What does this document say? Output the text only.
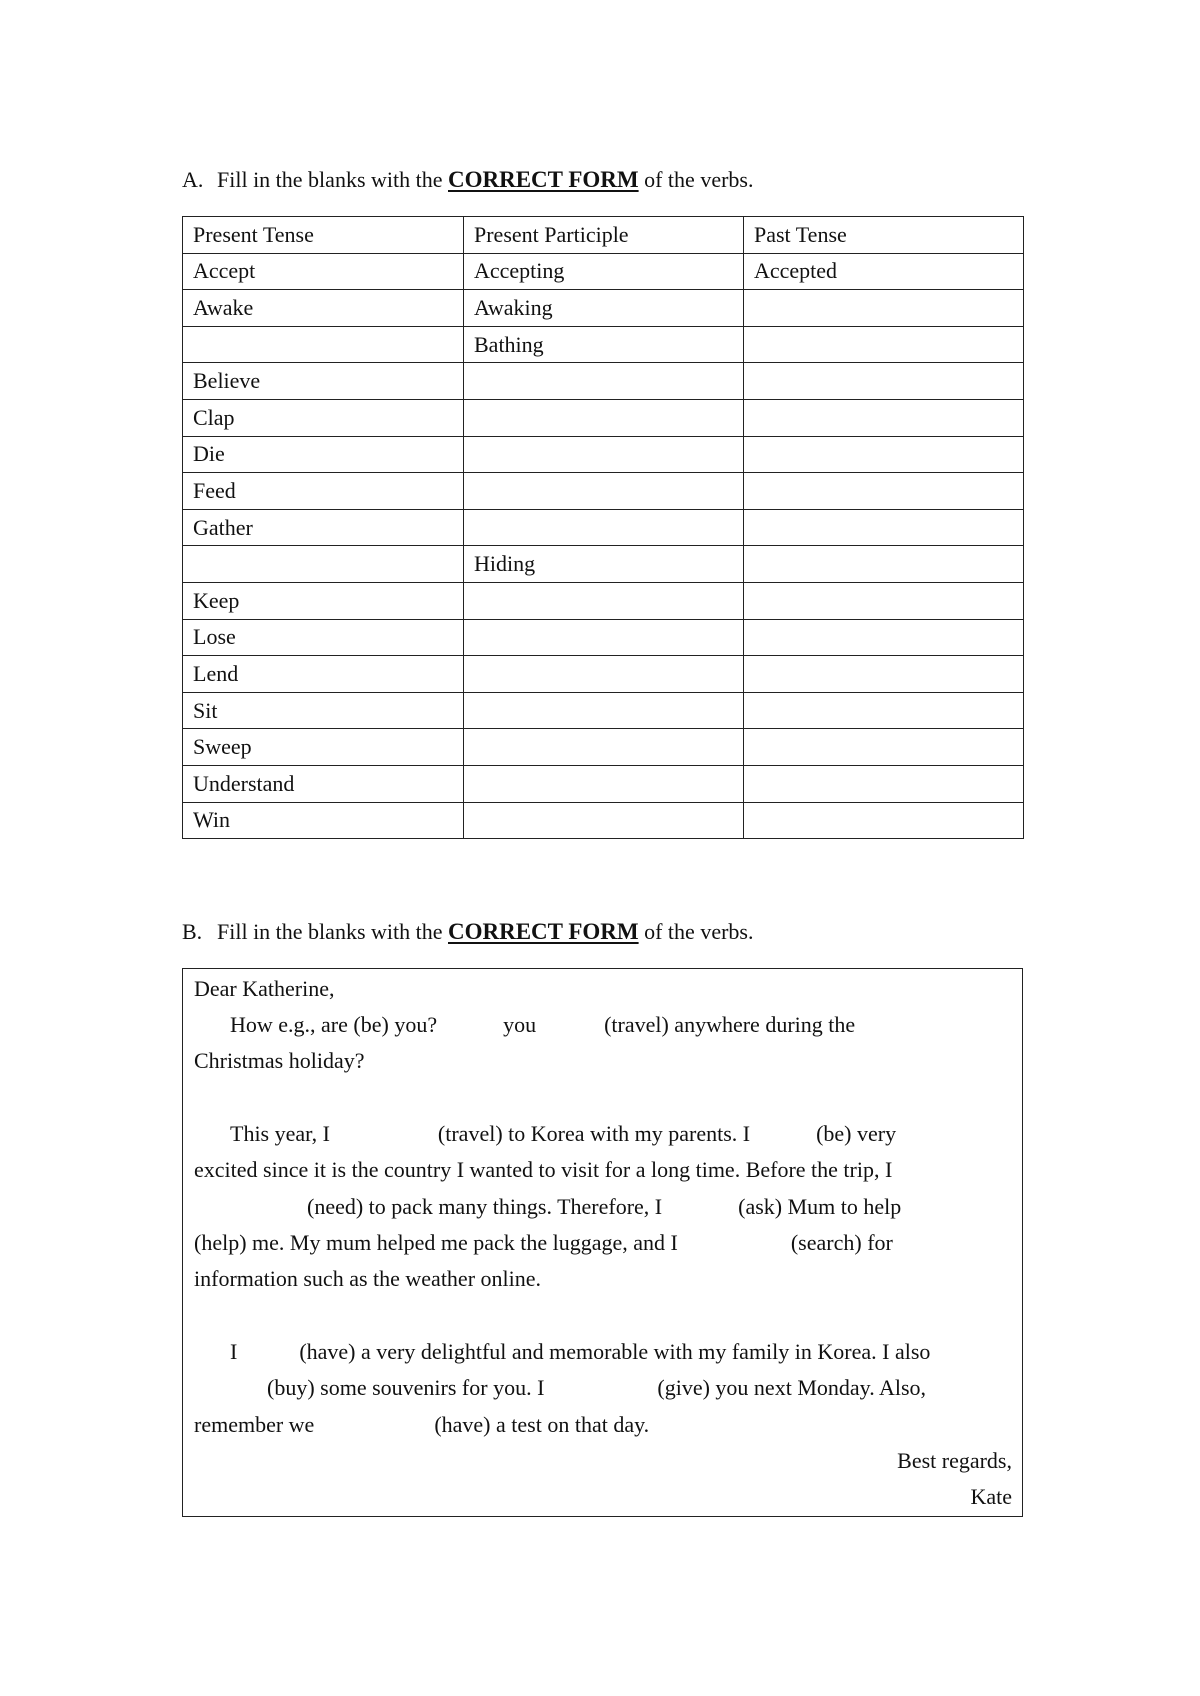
A. Fill in the blanks with the CORRECT FORM of the verbs.
Present Tense	Present Participle	Past Tense
Accept	Accepting	Accepted
Awake	Awaking	
	Bathing	
Believe		
Clap		
Die		
Feed		
Gather		
	Hiding	
Keep		
Lose		
Lend		
Sit		
Sweep		
Understand		
Win		
B. Fill in the blanks with the CORRECT FORM of the verbs.
Dear Katherine,
How e.g., are (be) you?	you	(travel) anywhere during the
Christmas holiday?
This year, I	(travel) to Korea with my parents. I	(be) very
excited since it is the country I wanted to visit for a long time. Before the trip, I
(need) to pack many things. Therefore, I	(ask) Mum to help
(help) me. My mum helped me pack the luggage, and I	(search) for
information such as the weather online.
I	(have) a very delightful and memorable with my family in Korea. I also
(buy) some souvenirs for you. I	(give) you next Monday. Also,
remember we	(have) a test on that day.
Best regards,
Kate
